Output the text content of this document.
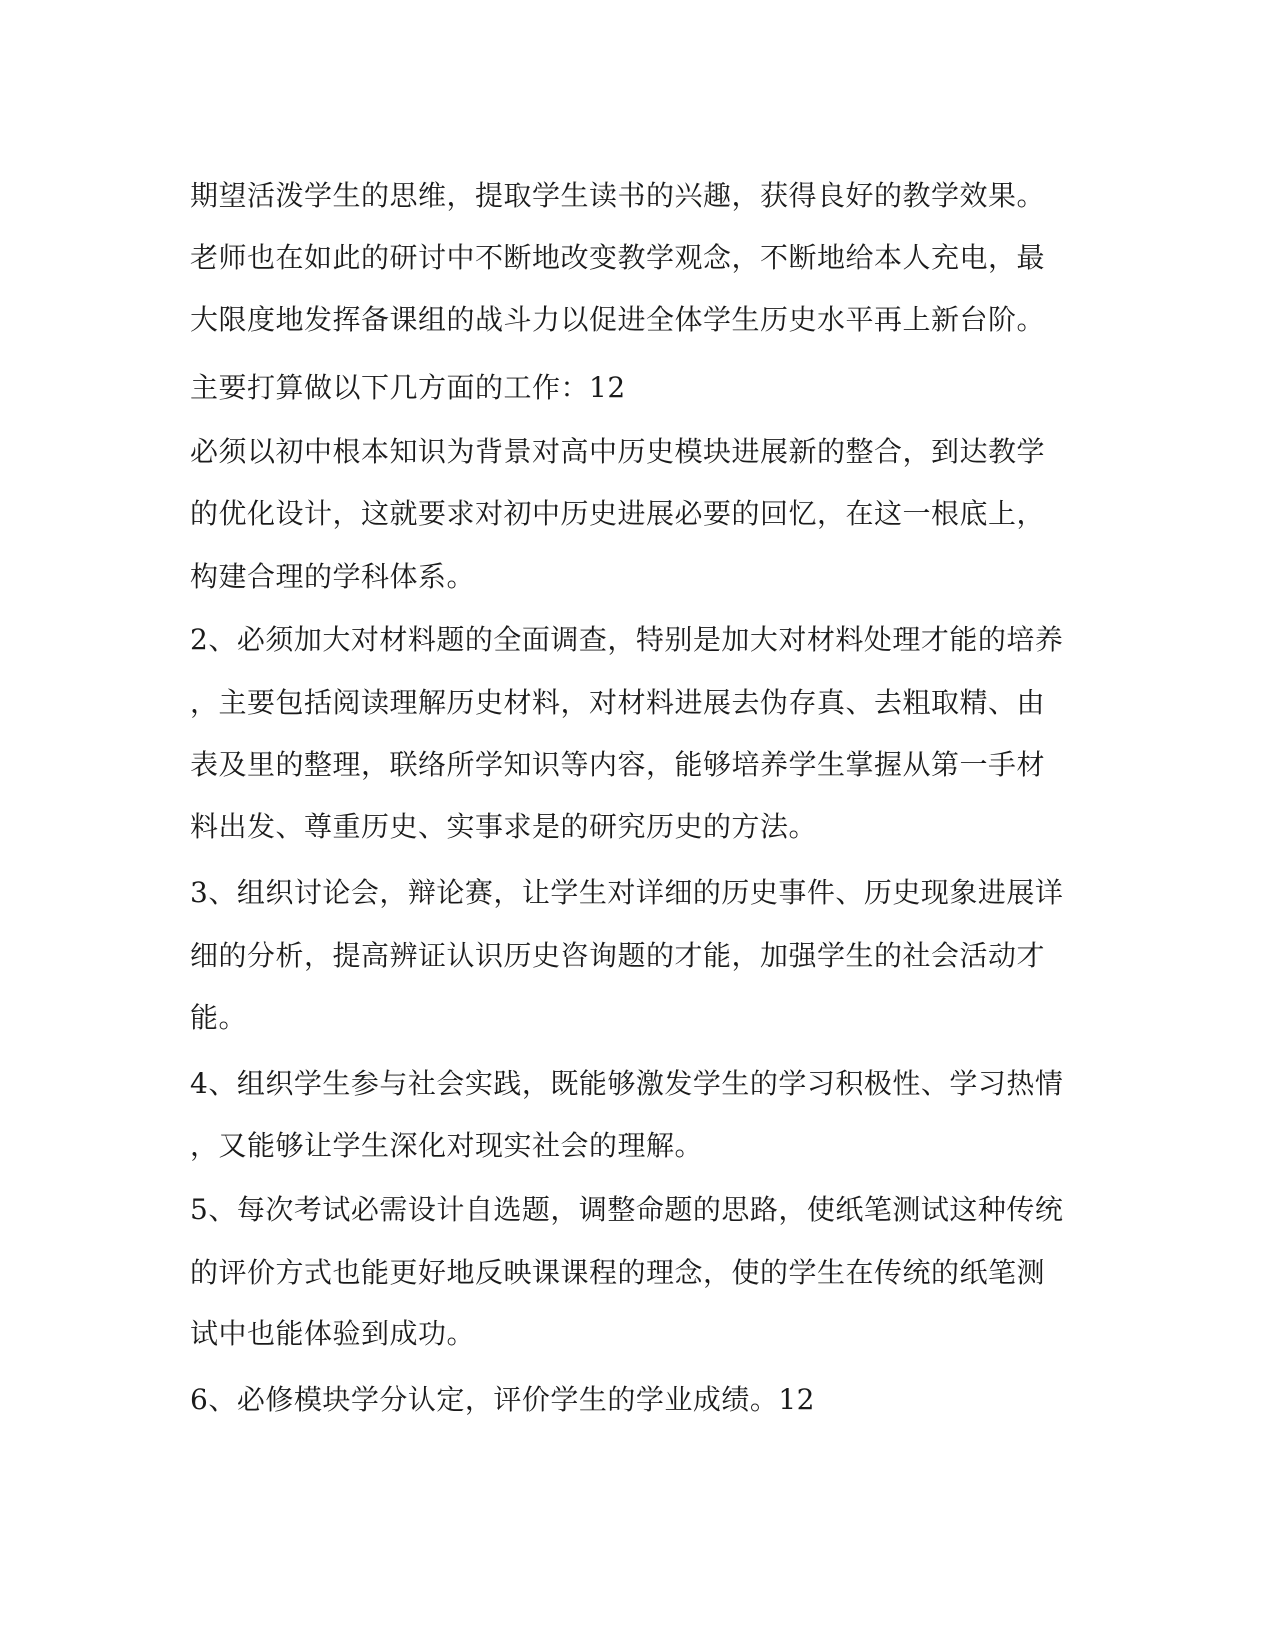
期望活泼学生的思维，提取学生读书的兴趣，获得良好的教学效果。
老师也在如此的研讨中不断地改变教学观念，不断地给本人充电，最
大限度地发挥备课组的战斗力以促进全体学生历史水平再上新台阶。
主要打算做以下几方面的工作：12
必须以初中根本知识为背景对高中历史模块进展新的整合，到达教学
的优化设计，这就要求对初中历史进展必要的回忆，在这一根底上，
构建合理的学科体系。
2、必须加大对材料题的全面调查，特别是加大对材料处理才能的培养
，主要包括阅读理解历史材料，对材料进展去伪存真、去粗取精、由
表及里的整理，联络所学知识等内容，能够培养学生掌握从第一手材
料出发、尊重历史、实事求是的研究历史的方法。
3、组织讨论会，辩论赛，让学生对详细的历史事件、历史现象进展详
细的分析，提高辨证认识历史咨询题的才能，加强学生的社会活动才
能。
4、组织学生参与社会实践，既能够激发学生的学习积极性、学习热情
，又能够让学生深化对现实社会的理解。
5、每次考试必需设计自选题，调整命题的思路，使纸笔测试这种传统
的评价方式也能更好地反映课课程的理念，使的学生在传统的纸笔测
试中也能体验到成功。
6、必修模块学分认定，评价学生的学业成绩。12
